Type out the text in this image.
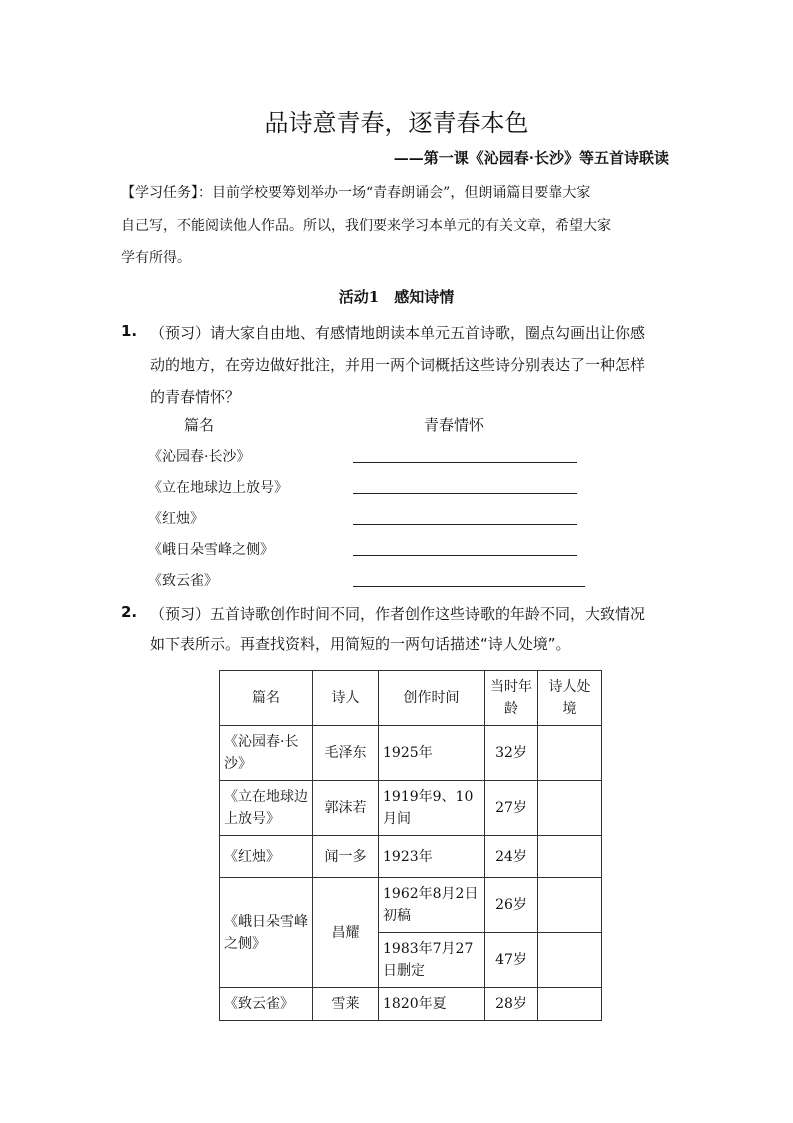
品诗意青春，逐青春本色
——第一课《沁园春·长沙》等五首诗联读
【学习任务】：目前学校要筹划举办一场“青春朗诵会”，但朗诵篇目要靠大家
自己写，不能阅读他人作品。所以，我们要来学习本单元的有关文章，希望大家
学有所得。
活动1　感知诗情
1. （预习）请大家自由地、有感情地朗读本单元五首诗歌，圈点勾画出让你感
动的地方，在旁边做好批注，并用一两个词概括这些诗分别表达了一种怎样
的青春情怀？
篇名	青春情怀
《沁园春·长沙》
《立在地球边上放号》
《红烛》
《峨日朵雪峰之侧》
《致云雀》
2. （预习）五首诗歌创作时间不同，作者创作这些诗歌的年龄不同，大致情况
如下表所示。再查找资料，用简短的一两句话描述“诗人处境”。
篇名	诗人	创作时间	当时年龄	诗人处境
《沁园春·长沙》	毛泽东	1925年	32岁	
《立在地球边上放号》	郭沫若	1919年9、10月间	27岁	
《红烛》	闻一多	1923年	24岁	
《峨日朵雪峰之侧》	昌耀	1962年8月2日初稿	26岁	
		1983年7月27日删定	47岁	
《致云雀》	雪莱	1820年夏	28岁	
